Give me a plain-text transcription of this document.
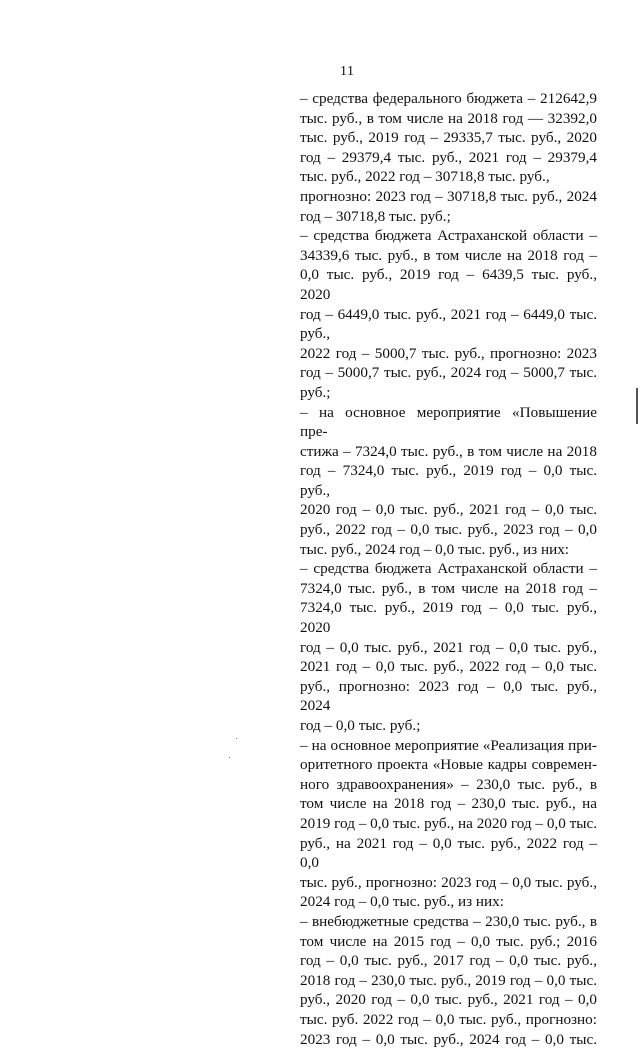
11
– средства федерального бюджета – 212642,9
тыс. руб., в том числе на 2018 год — 32392,0
тыс. руб., 2019 год – 29335,7 тыс. руб., 2020
год – 29379,4 тыс. руб., 2021 год – 29379,4
тыс. руб., 2022 год – 30718,8 тыс. руб.,
прогнозно: 2023 год – 30718,8 тыс. руб., 2024
год – 30718,8 тыс. руб.;
– средства бюджета Астраханской области –
34339,6 тыс. руб., в том числе на 2018 год –
0,0 тыс. руб., 2019 год – 6439,5 тыс. руб., 2020
год – 6449,0 тыс. руб., 2021 год – 6449,0 тыс.
руб.,
2022 год – 5000,7 тыс. руб., прогнозно: 2023
год – 5000,7 тыс. руб., 2024 год – 5000,7 тыс.
руб.;
– на основное мероприятие «Повышение пре-
стижа – 7324,0 тыс. руб., в том числе на 2018
год – 7324,0 тыс. руб., 2019 год – 0,0 тыс. руб.,
2020 год – 0,0 тыс. руб., 2021 год – 0,0 тыс.
руб., 2022 год – 0,0 тыс. руб., 2023 год – 0,0
тыс. руб., 2024 год – 0,0 тыс. руб., из них:
– средства бюджета Астраханской области –
7324,0 тыс. руб., в том числе на 2018 год –
7324,0 тыс. руб., 2019 год – 0,0 тыс. руб., 2020
год – 0,0 тыс. руб., 2021 год – 0,0 тыс. руб.,
2021 год – 0,0 тыс. руб., 2022 год – 0,0 тыс.
руб., прогнозно: 2023 год – 0,0 тыс. руб., 2024
год – 0,0 тыс. руб.;
– на основное мероприятие «Реализация при-
оритетного проекта «Новые кадры современ-
ного здравоохранения» – 230,0 тыс. руб., в
том числе на 2018 год – 230,0 тыс. руб., на
2019 год – 0,0 тыс. руб., на 2020 год – 0,0 тыс.
руб., на 2021 год – 0,0 тыс. руб., 2022 год – 0,0
тыс. руб., прогнозно: 2023 год – 0,0 тыс. руб.,
2024 год – 0,0 тыс. руб., из них:
– внебюджетные средства – 230,0 тыс. руб., в
том числе на 2015 год – 0,0 тыс. руб.; 2016
год – 0,0 тыс. руб., 2017 год – 0,0 тыс. руб.,
2018 год – 230,0 тыс. руб., 2019 год – 0,0 тыс.
руб., 2020 год – 0,0 тыс. руб., 2021 год – 0,0
тыс. руб. 2022 год – 0,0 тыс. руб., прогнозно:
2023 год – 0,0 тыс. руб., 2024 год – 0,0 тыс.
